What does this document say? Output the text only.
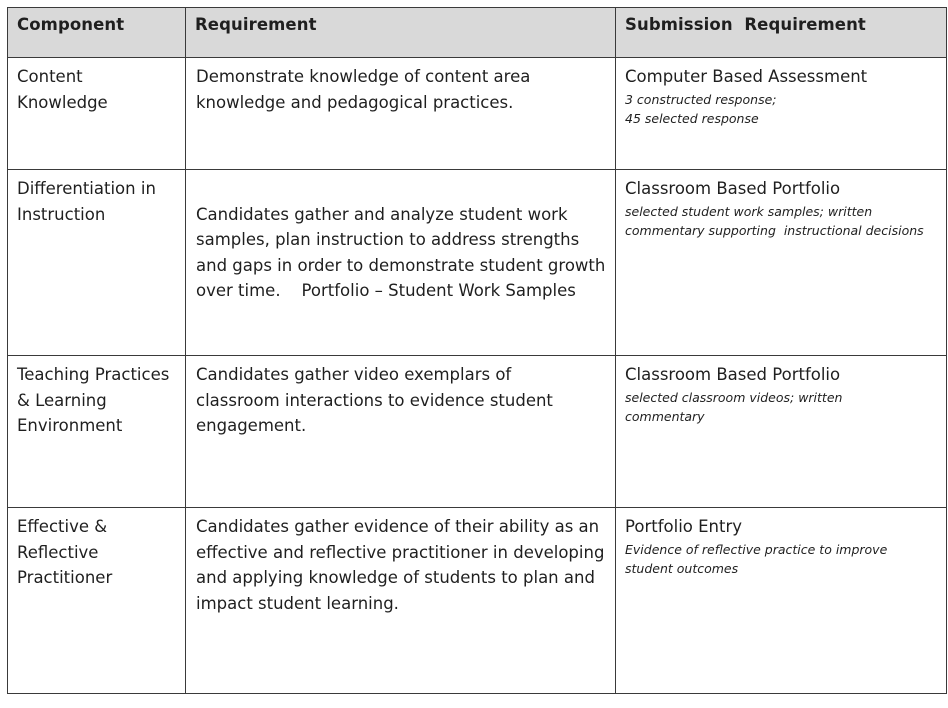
Component	Requirement	Submission  Requirement
Content Knowledge	Demonstrate knowledge of content area knowledge and pedagogical practices.	Computer Based Assessment
3 constructed response;
45 selected response

Differentiation in Instruction	Candidates gather and analyze student work samples, plan instruction to address strengths and gaps in order to demonstrate student growth over time.    Portfolio – Student Work Samples	Classroom Based Portfolio
selected student work samples; written
commentary supporting  instructional decisions

Teaching Practices & Learning Environment	Candidates gather video exemplars of classroom interactions to evidence student engagement.	Classroom Based Portfolio
selected classroom videos; written
commentary

Effective & Reflective Practitioner	Candidates gather evidence of their ability as an effective and reflective practitioner in developing and applying knowledge of students to plan and impact student learning.	Portfolio Entry
Evidence of reflective practice to improve
student outcomes
